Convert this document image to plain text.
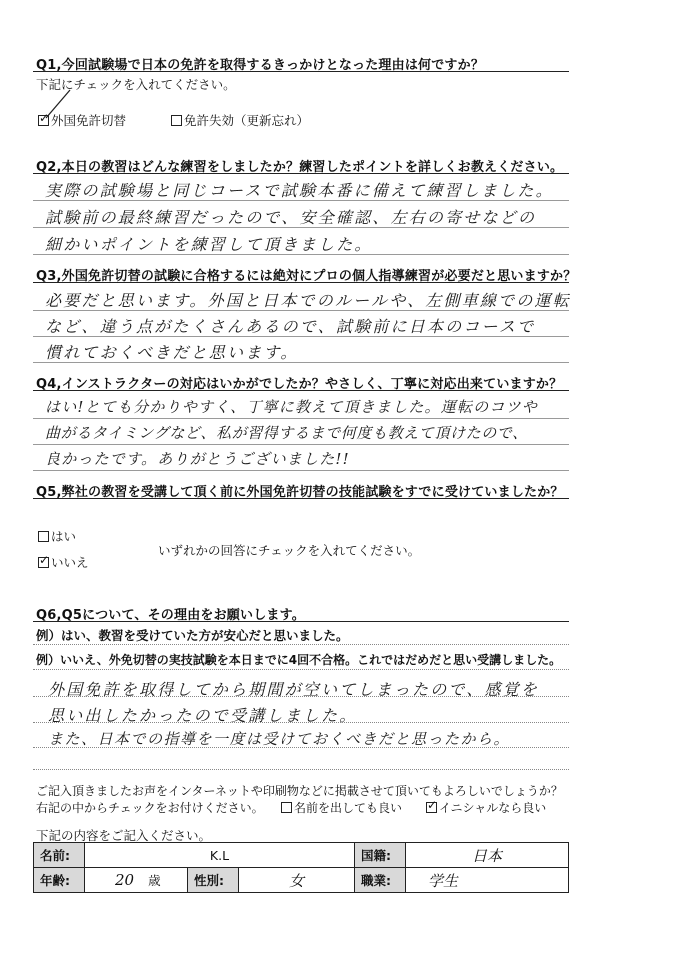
Q1,今回試験場で日本の免許を取得するきっかけとなった理由は何ですか？
下記にチェックを入れてください。
✓外国免許切替	免許失効（更新忘れ）
Q2,本日の教習はどんな練習をしましたか？練習したポイントを詳しくお教えください。
実際の試験場と同じコースで試験本番に備えて練習しました。
試験前の最終練習だったので、安全確認、左右の寄せなどの
細かいポイントを練習して頂きました。
Q3,外国免許切替の試験に合格するには絶対にプロの個人指導練習が必要だと思いますか？
必要だと思います。外国と日本でのルールや、左側車線での運転
など、違う点がたくさんあるので、試験前に日本のコースで
慣れておくべきだと思います。
Q4,インストラクターの対応はいかがでしたか？やさしく、丁寧に対応出来ていますか？
はい!とても分かりやすく、丁寧に教えて頂きました。運転のコツや
曲がるタイミングなど、私が習得するまで何度も教えて頂けたので、
良かったです。ありがとうございました!!
Q5,弊社の教習を受講して頂く前に外国免許切替の技能試験をすでに受けていましたか？
はい
✓いいえ
いずれかの回答にチェックを入れてください。
Q6,Q5について、その理由をお願いします。
例）はい、教習を受けていた方が安心だと思いました。
例）いいえ、外免切替の実技試験を本日までに4回不合格。これではだめだと思い受講しました。
外国免許を取得してから期間が空いてしまったので、感覚を
思い出したかったので受講しました。
また、日本での指導を一度は受けておくべきだと思ったから。
ご記入頂きましたお声をインターネットや印刷物などに掲載させて頂いてもよろしいでしょうか？
右記の中からチェックをお付けください。	名前を出しても良い ✓	イニシャルなら良い
下記の内容をご記入ください。
名前:	K.L			国籍:	日本
年齢:	20 歳	性別:	女	職業:	学生
